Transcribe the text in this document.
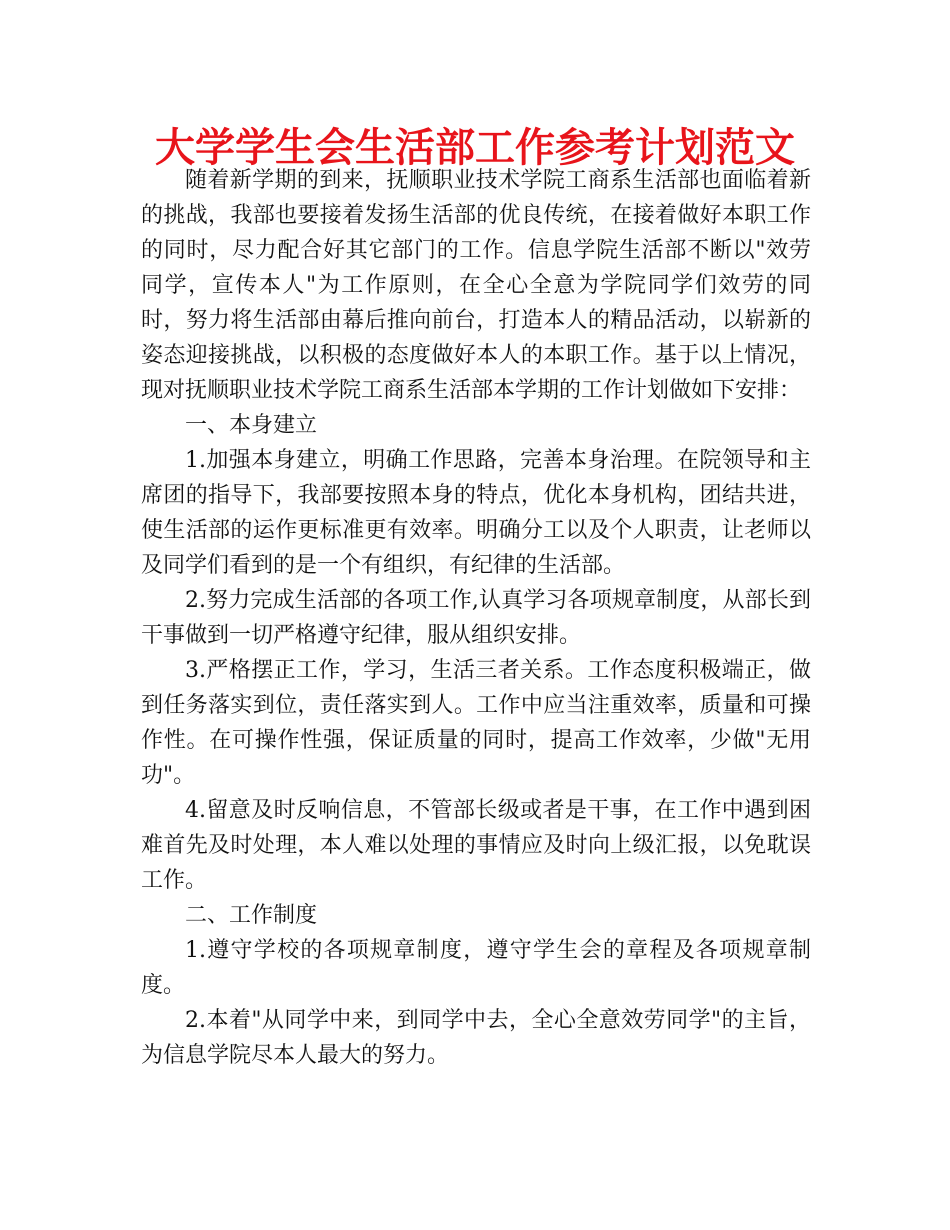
大学学生会生活部工作参考计划范文

随着新学期的到来，抚顺职业技术学院工商系生活部也面临着新的挑战，我部也要接着发扬生活部的优良传统，在接着做好本职工作的同时，尽力配合好其它部门的工作。信息学院生活部不断以"效劳同学，宣传本人"为工作原则，在全心全意为学院同学们效劳的同时，努力将生活部由幕后推向前台，打造本人的精品活动，以崭新的姿态迎接挑战，以积极的态度做好本人的本职工作。基于以上情况，现对抚顺职业技术学院工商系生活部本学期的工作计划做如下安排：

一、本身建立

1.加强本身建立，明确工作思路，完善本身治理。在院领导和主席团的指导下，我部要按照本身的特点，优化本身机构，团结共进，使生活部的运作更标准更有效率。明确分工以及个人职责，让老师以及同学们看到的是一个有组织，有纪律的生活部。

2.努力完成生活部的各项工作,认真学习各项规章制度，从部长到干事做到一切严格遵守纪律，服从组织安排。

3.严格摆正工作，学习，生活三者关系。工作态度积极端正，做到任务落实到位，责任落实到人。工作中应当注重效率，质量和可操作性。在可操作性强，保证质量的同时，提高工作效率，少做"无用功"。

4.留意及时反响信息，不管部长级或者是干事，在工作中遇到困难首先及时处理，本人难以处理的事情应及时向上级汇报，以免耽误工作。

二、工作制度

1.遵守学校的各项规章制度，遵守学生会的章程及各项规章制度。

2.本着"从同学中来，到同学中去，全心全意效劳同学"的主旨，为信息学院尽本人最大的努力。
